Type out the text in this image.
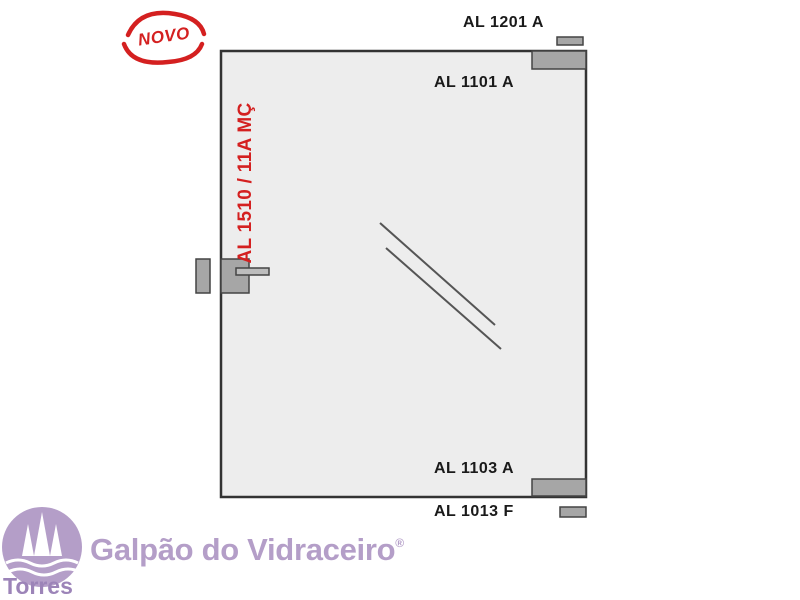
NOVO
AL 1201 A
AL 1101 A
AL 1510 / 11A MÇ
AL 1103 A
AL 1013 F
Galpão do Vidraceiro®
Torres
